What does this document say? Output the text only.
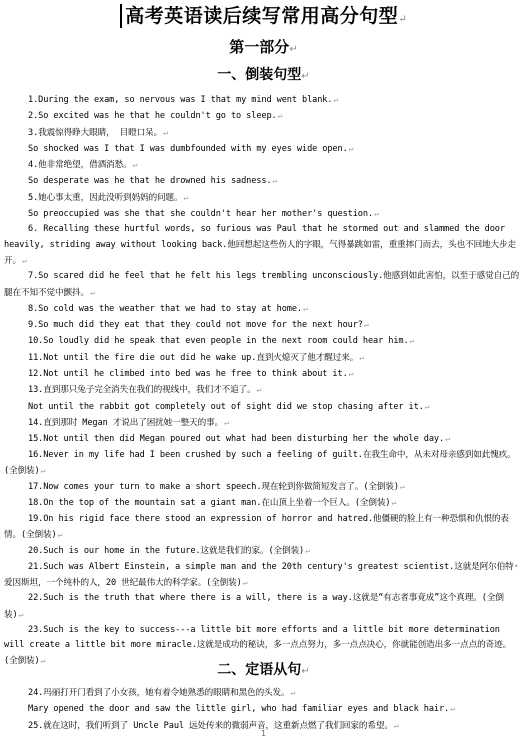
高考英语读后续写常用高分句型↵
第一部分↵
一、倒装句型↵

1.During the exam, so nervous was I that my mind went blank.↵

2.So excited was he that he couldn't go to sleep.↵

3.我震惊得睁大眼睛， 目瞪口呆。↵

So shocked was I that I was dumbfounded with my eyes wide open.↵

4.他非常绝望，借酒消愁。↵

So desperate was he that he drowned his sadness.↵

5.她心事太重，因此没听到妈妈的问题。↵

So preoccupied was she that she couldn't hear her mother's question.↵

6. Recalling these hurtful words, so furious was Paul that he stormed out and slammed the door heavily, striding away without looking back.他回想起这些伤人的字眼，气得暴跳如雷，重重摔门而去，头也不回地大步走开。↵

7.So scared did he feel that he felt his legs trembling unconsciously.他感到如此害怕，以至于感觉自己的腿在不知不觉中颤抖。↵

8.So cold was the weather that we had to stay at home.↵

9.So much did they eat that they could not move for the next hour?↵

10.So loudly did he speak that even people in the next room could hear him.↵

11.Not until the fire die out did he wake up.直到火熄灭了他才醒过来。↵

12.Not until he climbed into bed was he free to think about it.↵

13.直到那只兔子完全消失在我们的视线中，我们才不追了。↵

Not until the rabbit got completely out of sight did we stop chasing after it.↵

14.直到那时 Megan 才说出了困扰她一整天的事。↵

15.Not until then did Megan poured out what had been disturbing her the whole day.↵

16.Never in my life had I been crushed by such a feeling of guilt.在我生命中，从未对母亲感到如此愧疚。(全倒装)↵

17.Now comes your turn to make a short speech.现在轮到你做简短发言了。(全倒装)↵

18.On the top of the mountain sat a giant man.在山顶上坐着一个巨人。(全倒装)↵

19.On his rigid face there stood an expression of horror and hatred.他僵硬的脸上有一种恐惧和仇恨的表情。(全倒装)↵

20.Such is our home in the future.这就是我们的家。(全倒装)↵

21.Such was Albert Einstein, a simple man and the 20th century's greatest scientist.这就是阿尔伯特·爱因斯坦，一个纯朴的人，20 世纪最伟大的科学家。(全倒装)↵

22.Such is the truth that where there is a will, there is a way.这就是“有志者事竟成”这个真理。(全倒装)↵

23.Such is the key to success---a little bit more efforts and a little bit more determination will create a little bit more miracle.这就是成功的秘诀，多一点点努力，多一点点决心，你就能创造出多一点点的奇迹。(全倒装)↵

二、定语从句↵

24.玛丽打开门看到了小女孩，她有着令她熟悉的眼睛和黑色的头发。↵

Mary opened the door and saw the little girl, who had familiar eyes and black hair.↵

25.就在这时，我们听到了 Uncle Paul 远处传来的微弱声音，这重新点燃了我们回家的希望。↵

1
